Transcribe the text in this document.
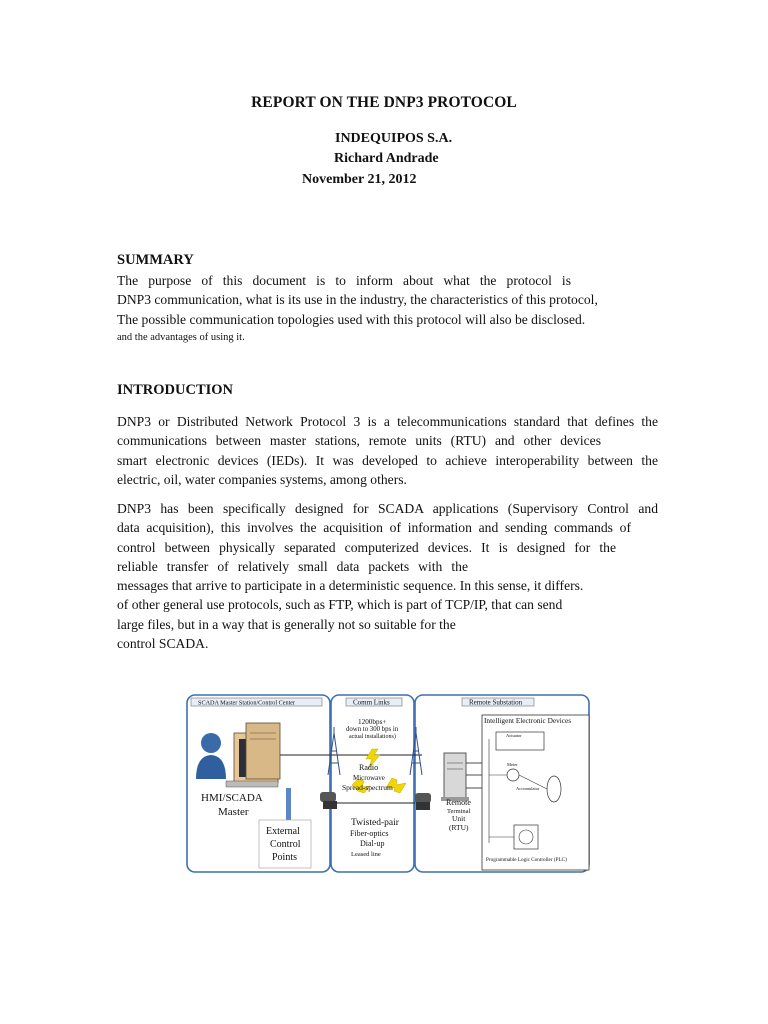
REPORT ON THE DNP3 PROTOCOL
INDEQUIPOS S.A.
Richard Andrade
November 21, 2012
SUMMARY
The purpose of this document is to inform about what the protocol is
DNP3 communication, what is its use in the industry, the characteristics of this protocol,
The possible communication topologies used with this protocol will also be disclosed.
and the advantages of using it.
INTRODUCTION
DNP3 or Distributed Network Protocol 3 is a telecommunications standard that defines the
communications between master stations, remote units (RTU) and other devices
smart electronic devices (IEDs). It was developed to achieve interoperability between the
electric, oil, water companies systems, among others.
DNP3 has been specifically designed for SCADA applications (Supervisory Control and
data acquisition), this involves the acquisition of information and sending commands of
control between physically separated computerized devices. It is designed for the
reliable transfer of relatively small data packets with the
messages that arrive to participate in a deterministic sequence. In this sense, it differs.
of other general use protocols, such as FTP, which is part of TCP/IP, that can send
large files, but in a way that is generally not so suitable for the
control SCADA.
SCADA Master Station/Control Center	Comm Links	Remote Substation
HMI/SCADA
Master
External
Control
Points
1200bps+
down to 300 bps in
actual installations)
Radio
Microwave
Spread-spectrum
Twisted-pair
Fiber-optics
Dial-up
Leased line
Remote
Terminal
Unit
(RTU)
Intelligent Electronic Devices
Actuator
Meter
Accumulator
Programmable Logic Controller (PLC)
